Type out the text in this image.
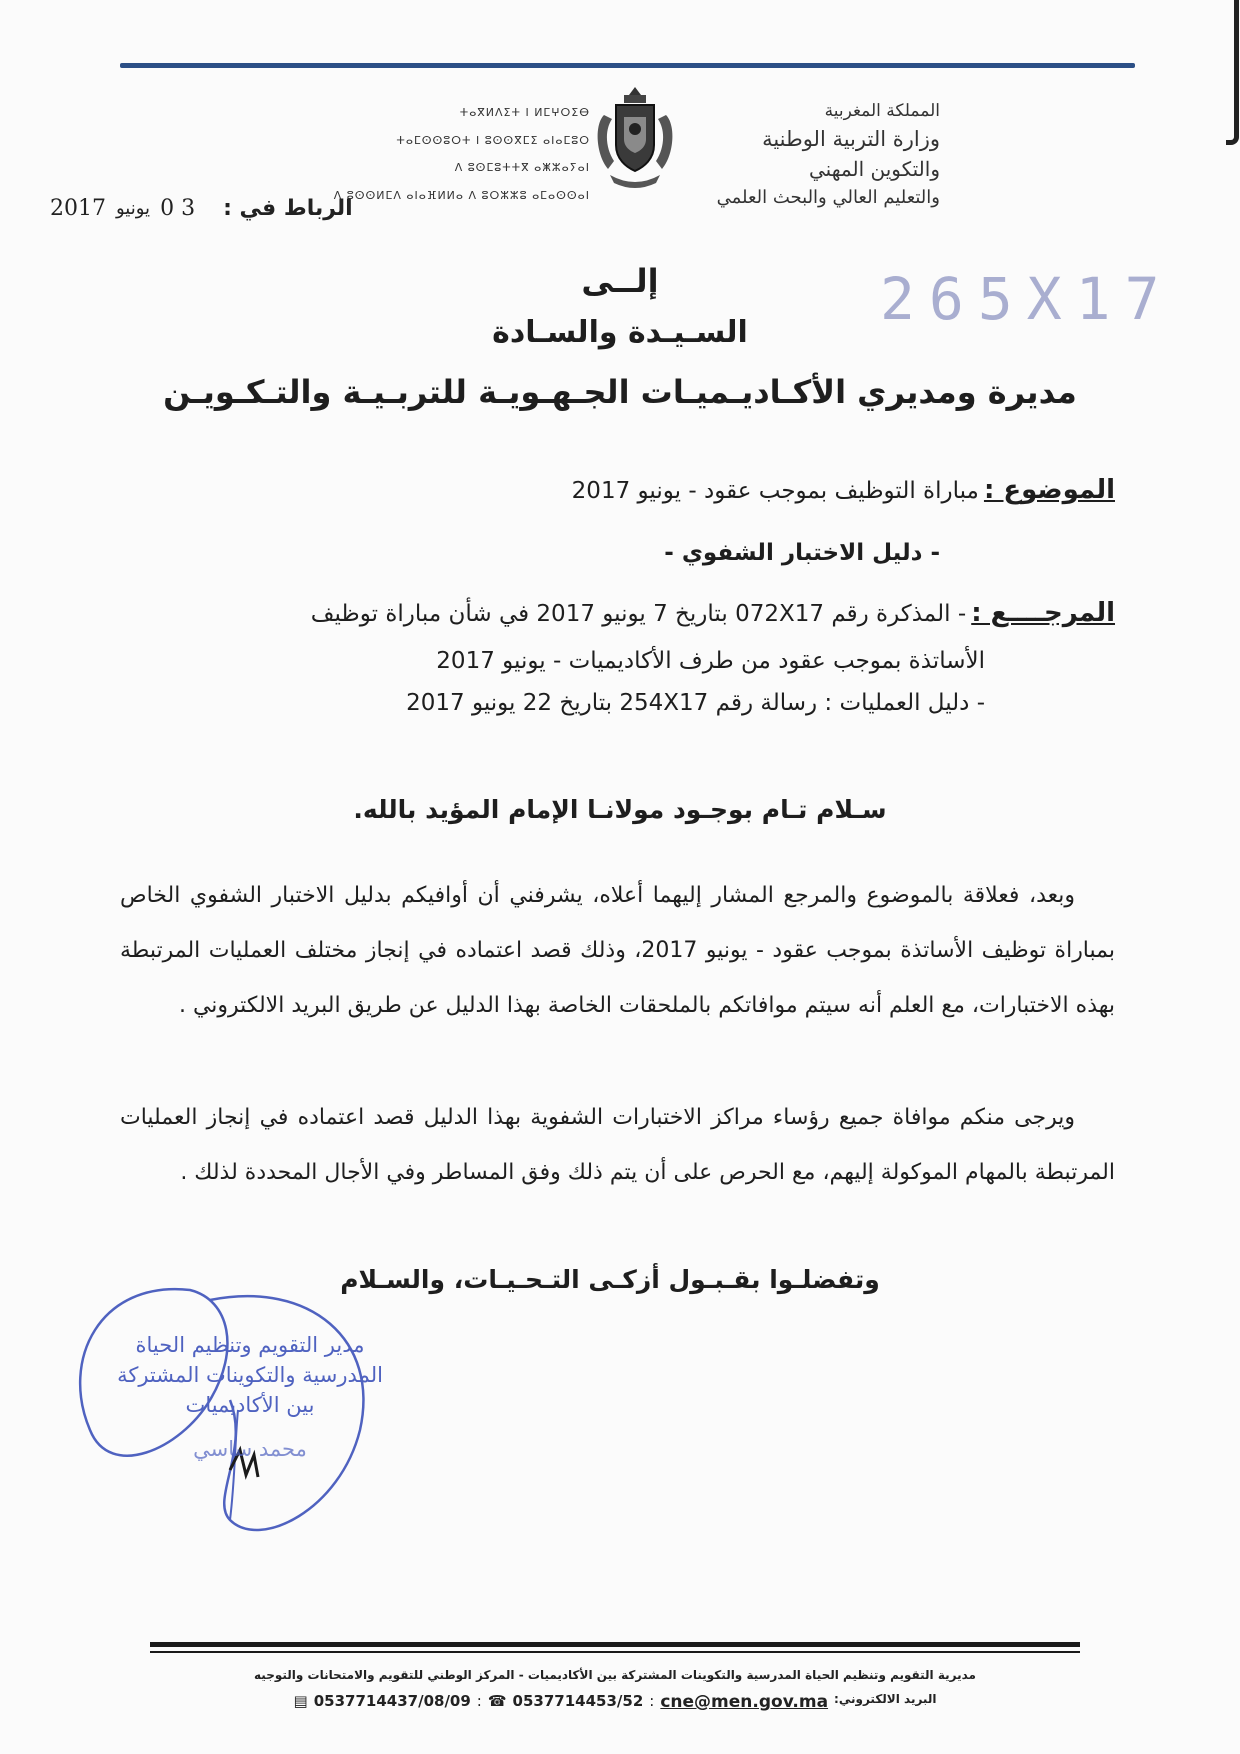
المملكة المغربية
وزارة التربية الوطنية
والتكوين المهني
والتعليم العالي والبحث العلمي
ⵜⴰⴳⵍⴷⵉⵜ ⵏ ⵍⵎⵖⵔⵉⴱ
ⵜⴰⵎⵙⵙⵓⵔⵜ ⵏ ⵓⵙⵙⴳⵎⵉ ⴰⵏⴰⵎⵓⵔ
ⴷ ⵓⵙⵎⵓⵜⵜⴳ ⴰⵥⵣⴰⵢⴰⵏ
ⴷ ⵓⵙⵙⵍⵎⴷ ⴰⵏⴰⴼⵍⵍⴰ ⴷ ⵓⵔⵣⵣⵓ ⴰⵎⴰⵙⵙⴰⵏ
الرباط في :
3 0
يونيو
2017
265X17
إلــى
السـيـدة والسـادة
مديرة ومديري الأكـاديـميـات الجـهـويـة للتربـيـة والتـكـويـن
الموضوع : مباراة التوظيف بموجب عقود - يونيو 2017
- دليل الاختبار الشفوي -
المرجــــع : - المذكرة رقم 072X17 بتاريخ 7 يونيو 2017 في شأن مباراة توظيف
الأساتذة بموجب عقود من طرف الأكاديميات - يونيو 2017
- دليل العمليات : رسالة رقم 254X17 بتاريخ 22 يونيو 2017
سـلام تـام بوجـود مولانـا الإمام المؤيد بالله.
وبعد، فعلاقة بالموضوع والمرجع المشار إليهما أعلاه، يشرفني أن أوافيكم بدليل الاختبار الشفوي الخاص بمباراة توظيف الأساتذة بموجب عقود - يونيو 2017، وذلك قصد اعتماده في إنجاز مختلف العمليات المرتبطة بهذه الاختبارات، مع العلم أنه سيتم موافاتكم بالملحقات الخاصة بهذا الدليل عن طريق البريد الالكتروني .
ويرجى منكم موافاة جميع رؤساء مراكز الاختبارات الشفوية بهذا الدليل قصد اعتماده في إنجاز العمليات المرتبطة بالمهام الموكولة إليهم، مع الحرص على أن يتم ذلك وفق المساطر وفي الأجال المحددة لذلك .
وتفضلـوا بقـبـول أزكـى التـحـيـات، والسـلام
مدير التقويم وتنظيم الحياة
المدرسية والتكوينات المشتركة
بين الأكاديميات
محمد ساسي
مديرية التقويم وتنظيم الحياة المدرسية والتكوينات المشتركة بين الأكاديميات - المركز الوطني للتقويم والامتحانات والتوجيه
▤ 0537714437/08/09 : ☎ 0537714453/52 : cne@men.gov.ma البريد الالكتروني:
